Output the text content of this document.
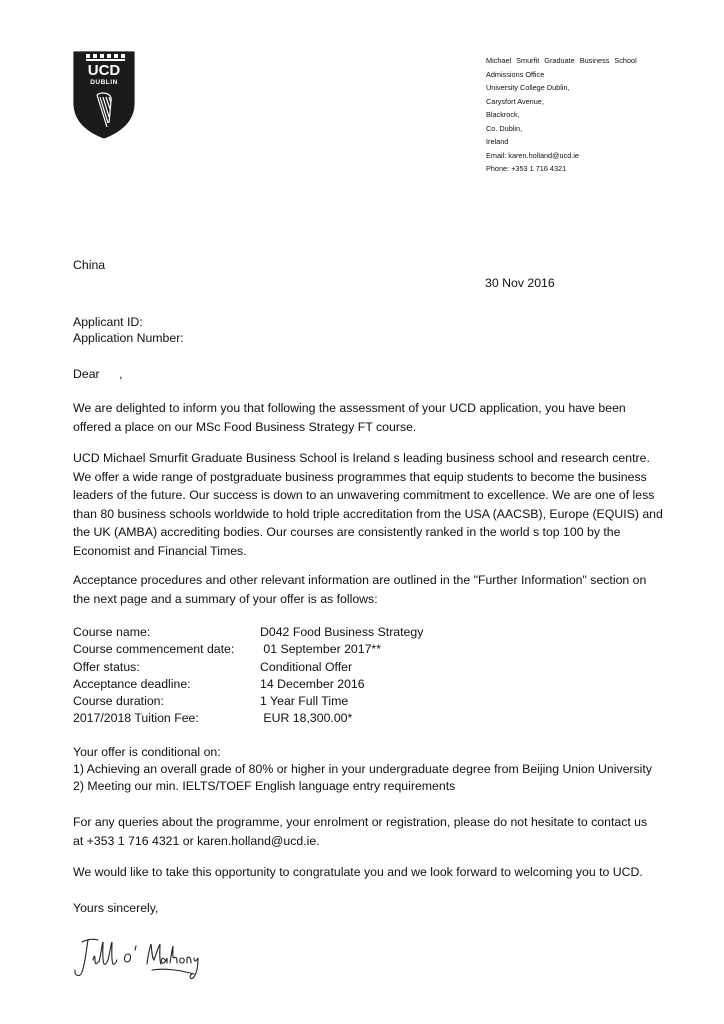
UCD
DUBLIN
Michael Smurfit Graduate Business School
Admissions Office
University College Dublin,
Carysfort Avenue,
Blackrock,
Co. Dublin,
Ireland
Email: karen.holland@ucd.ie
Phone: +353 1 716 4321
China
30 Nov 2016
Applicant ID:
Application Number:
Dear ,

We are delighted to inform you that following the assessment of your UCD application, you have been offered a place on our MSc Food Business Strategy FT course.

UCD Michael Smurfit Graduate Business School is Ireland s leading business school and research centre. We offer a wide range of postgraduate business programmes that equip students to become the business leaders of the future. Our success is down to an unwavering commitment to excellence. We are one of less than 80 business schools worldwide to hold triple accreditation from the USA (AACSB), Europe (EQUIS) and the UK (AMBA) accrediting bodies. Our courses are consistently ranked in the world s top 100 by the Economist and Financial Times.

Acceptance procedures and other relevant information are outlined in the "Further Information" section on the next page and a summary of your offer is as follows:

Course name:	D042 Food Business Strategy
Course commencement date:	01 September 2017**
Offer status:	Conditional Offer
Acceptance deadline:	14 December 2016
Course duration:	1 Year Full Time
2017/2018 Tuition Fee:	EUR 18,300.00*

Your offer is conditional on:

1) Achieving an overall grade of 80% or higher in your undergraduate degree from Beijing Union University

2) Meeting our min. IELTS/TOEF English language entry requirements

For any queries about the programme, your enrolment or registration, please do not hesitate to contact us at +353 1 716 4321 or karen.holland@ucd.ie.

We would like to take this opportunity to congratulate you and we look forward to welcoming you to UCD.
Yours sincerely,
